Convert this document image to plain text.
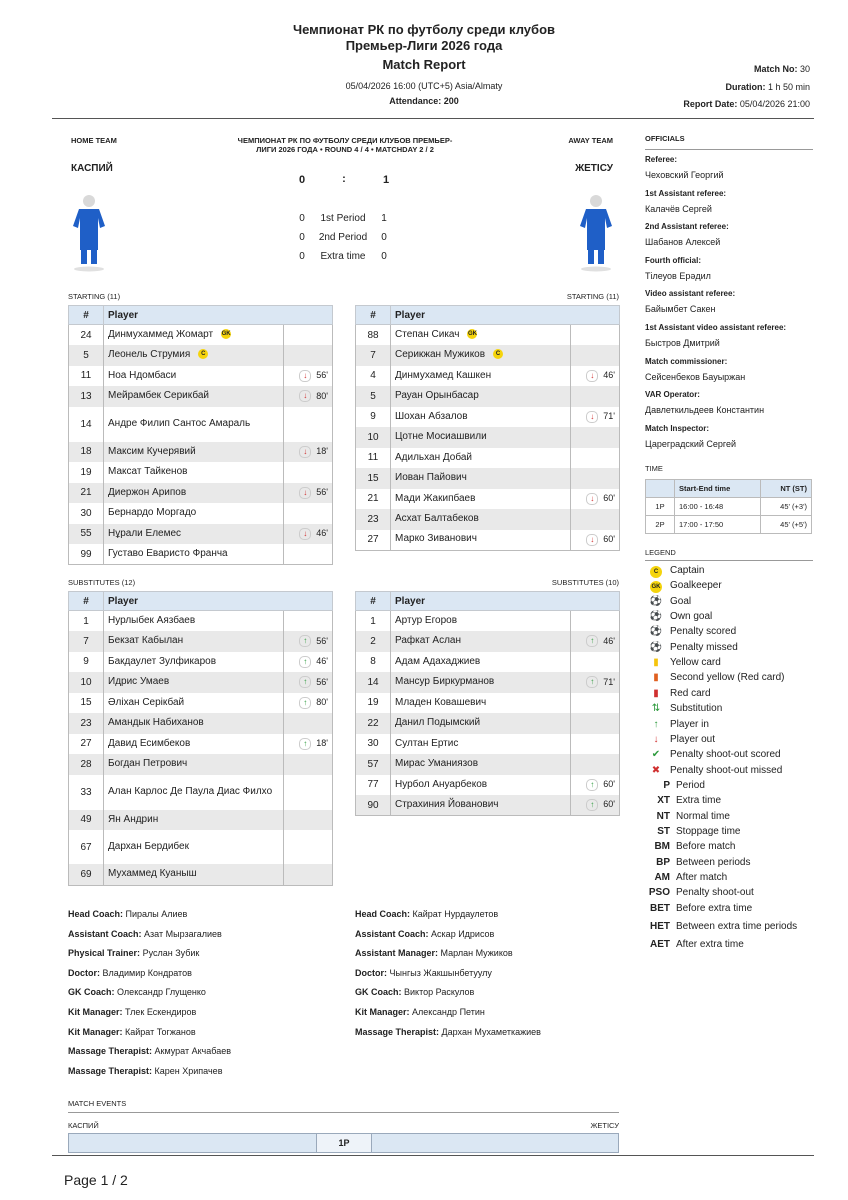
Чемпионат РК по футболу среди клубов
Премьер-Лиги 2026 года
Match Report
05/04/2026 16:00 (UTC+5) Asia/Almaty
Attendance: 200
Match No: 30
Duration: 1 h 50 min
Report Date: 05/04/2026 21:00
HOME TEAM	AWAY TEAM
ЧЕМПИОНАТ РК ПО ФУТБОЛУ СРЕДИ КЛУБОВ ПРЕМЬЕР-
ЛИГИ 2026 ГОДА • ROUND 4 / 4 • MATCHDAY 2 / 2
КАСПИЙ	ЖЕТІСУ
0	:	1
0	1st Period	1
0	2nd Period	0
0	Extra time	0
STARTING (11)	STARTING (11)
SUBSTITUTES (12)	SUBSTITUTES (10)
#	Player	
24	Динмухаммед Жомарт GK	
5	Леонель Струмия C	
11	Ноа Ндомбаси	↓ 56'
13	Мейрамбек Серикбай	↓ 80'
14	Андре Филип Сантос Амараль	
18	Максим Кучерявий	↓ 18'
19	Максат Тайкенов	
21	Диержон Арипов	↓ 56'
30	Бернардо Моргадо	
55	Нұрали Елемес	↓ 46'
99	Густаво Еваристо Франча	
#	Player	
88	Степан Сикач GK	
7	Серикжан Мужиков C	
4	Динмухамед Кашкен	↓ 46'
5	Рауан Орынбасар	
9	Шохан Абзалов	↓ 71'
10	Цотне Мосиашвили	
11	Адильхан Добай	
15	Иован Пайович	
21	Мади Жакипбаев	↓ 60'
23	Асхат Балтабеков	
27	Марко Зиванович	↓ 60'
#	Player	
1	Нурлыбек Аязбаев	
7	Бекзат Кабылан	↑ 56'
9	Бакдаулет Зулфикаров	↑ 46'
10	Идрис Умаев	↑ 56'
15	Әліхан Серікбай	↑ 80'
23	Амандык Набиханов	
27	Давид Есимбеков	↑ 18'
28	Богдан Петрович	
33	Алан Карлос Де Паула Диас Филхо	
49	Ян Андрин	
67	Дархан Бердибек	
69	Мухаммед Куаныш	
#	Player	
1	Артур Егоров	
2	Рафкат Аслан	↑ 46'
8	Адам Адахаджиев	
14	Мансур Биркурманов	↑ 71'
19	Младен Ковашевич	
22	Данил Подымский	
30	Султан Ертис	
57	Мирас Уманиязов	
77	Нурбол Ануарбеков	↑ 60'
90	Страхиния Йованович	↑ 60'
Head Coach: Пиралы Алиев
Assistant Coach: Азат Мырзагалиев
Physical Trainer: Руслан Зубик
Doctor: Владимир Кондратов
GK Coach: Олександр Глущенко
Kit Manager: Тлек Ескендиров
Kit Manager: Кайрат Тогжанов
Massage Therapist: Акмурат Акчабаев
Massage Therapist: Карен Хрипачев
Head Coach: Кайрат Нурдаулетов
Assistant Coach: Аскар Идрисов
Assistant Manager: Марлан Мужиков
Doctor: Чынгыз Жакшынбетуулу
GK Coach: Виктор Раскулов
Kit Manager: Александр Петин
Massage Therapist: Дархан Мухаметкажиев
OFFICIALS
Referee:
Чеховский Георгий
1st Assistant referee:
Калачёв Сергей
2nd Assistant referee:
Шабанов Алексей
Fourth official:
Тілеуов Ерәдил
Video assistant referee:
Байымбет Сакен
1st Assistant video assistant referee:
Быстров Дмитрий
Match commissioner:
Сейсенбеков Бауыржан
VAR Operator:
Давлеткильдеев Константин
Match Inspector:
Цареградский Сергей
TIME
	Start-End time	NT (ST)
1P	16:00 - 16:48	45' (+3')
2P	17:00 - 17:50	45' (+5')
LEGEND
C Captain
GK Goalkeeper
⚽ Goal
⚽ Own goal
⚽ Penalty scored
⚽ Penalty missed
▮ Yellow card
▮ Second yellow (Red card)
▮ Red card
⇅ Substitution
↑ Player in
↓ Player out
✔ Penalty shoot-out scored
✖ Penalty shoot-out missed
P Period
XT Extra time
NT Normal time
ST Stoppage time
BM Before match
BP Between periods
AM After match
PSO Penalty shoot-out
BET Before extra time
HET Between extra time periods
AET After extra time
MATCH EVENTS
КАСПИЙ	ЖЕТІСУ
1P
Page 1 / 2
